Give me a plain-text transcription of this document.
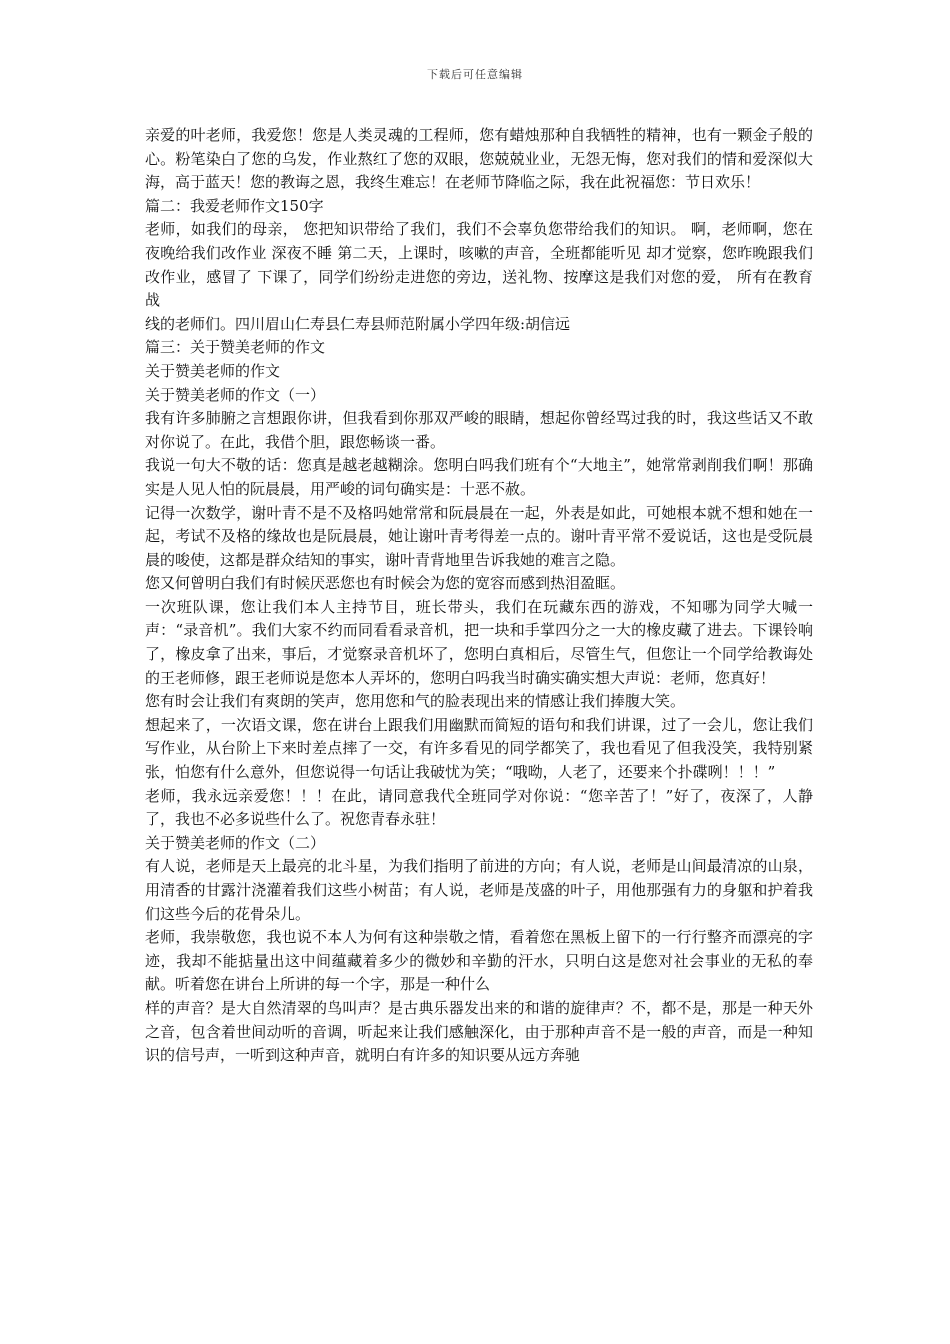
下载后可任意编辑

亲爱的叶老师，我爱您！您是人类灵魂的工程师，您有蜡烛那种自我牺牲的精神，也有一颗金子般的心。粉笔染白了您的乌发，作业熬红了您的双眼，您兢兢业业，无怨无悔，您对我们的情和爱深似大海，高于蓝天！您的教诲之恩，我终生难忘！在老师节降临之际，我在此祝福您：节日欢乐！

篇二：我爱老师作文150字

老师，如我们的母亲， 您把知识带给了我们，我们不会辜负您带给我们的知识。 啊，老师啊，您在夜晚给我们改作业 深夜不睡 第二天，上课时，咳嗽的声音，全班都能听见 却才觉察，您昨晚跟我们改作业，感冒了 下课了，同学们纷纷走进您的旁边，送礼物、按摩这是我们对您的爱， 所有在教育战

线的老师们。四川眉山仁寿县仁寿县师范附属小学四年级:胡信远

篇三：关于赞美老师的作文

关于赞美老师的作文

关于赞美老师的作文（一）

我有许多肺腑之言想跟你讲，但我看到你那双严峻的眼睛，想起你曾经骂过我的时，我这些话又不敢对你说了。在此，我借个胆，跟您畅谈一番。

我说一句大不敬的话：您真是越老越糊涂。您明白吗我们班有个“大地主”，她常常剥削我们啊！那确实是人见人怕的阮晨晨，用严峻的词句确实是：十恶不赦。

记得一次数学，谢叶青不是不及格吗她常常和阮晨晨在一起，外表是如此，可她根本就不想和她在一起，考试不及格的缘故也是阮晨晨，她让谢叶青考得差一点的。谢叶青平常不爱说话，这也是受阮晨晨的唆使，这都是群众结知的事实，谢叶青背地里告诉我她的难言之隐。

您又何曾明白我们有时候厌恶您也有时候会为您的宽容而感到热泪盈眶。

一次班队课，您让我们本人主持节目，班长带头，我们在玩藏东西的游戏，不知哪为同学大喊一声：“录音机”。我们大家不约而同看看录音机，把一块和手掌四分之一大的橡皮藏了进去。下课铃响了，橡皮拿了出来，事后，才觉察录音机坏了，您明白真相后，尽管生气，但您让一个同学给教诲处的王老师修，跟王老师说是您本人弄坏的，您明白吗我当时确实确实想大声说：老师，您真好！

您有时会让我们有爽朗的笑声，您用您和气的脸表现出来的情感让我们捧腹大笑。

想起来了，一次语文课，您在讲台上跟我们用幽默而简短的语句和我们讲课，过了一会儿，您让我们写作业，从台阶上下来时差点摔了一交，有许多看见的同学都笑了，我也看见了但我没笑，我特别紧张，怕您有什么意外，但您说得一句话让我破忧为笑；“哦呦，人老了，还要来个扑碟咧！！！”

老师，我永远亲爱您！！！在此，请同意我代全班同学对你说：“您辛苦了！”好了，夜深了，人静了，我也不必多说些什么了。祝您青春永驻！

关于赞美老师的作文（二）

有人说，老师是天上最亮的北斗星，为我们指明了前进的方向；有人说，老师是山间最清凉的山泉，用清香的甘露汁浇灌着我们这些小树苗；有人说，老师是茂盛的叶子，用他那强有力的身躯和护着我们这些今后的花骨朵儿。

老师，我崇敬您，我也说不本人为何有这种崇敬之情，看着您在黑板上留下的一行行整齐而漂亮的字迹，我却不能掂量出这中间蕴藏着多少的微妙和辛勤的汗水，只明白这是您对社会事业的无私的奉献。听着您在讲台上所讲的每一个字，那是一种什么

样的声音？是大自然清翠的鸟叫声？是古典乐器发出来的和谐的旋律声？不，都不是，那是一种天外之音，包含着世间动听的音调，听起来让我们感触深化，由于那种声音不是一般的声音，而是一种知识的信号声，一听到这种声音，就明白有许多的知识要从远方奔驰
